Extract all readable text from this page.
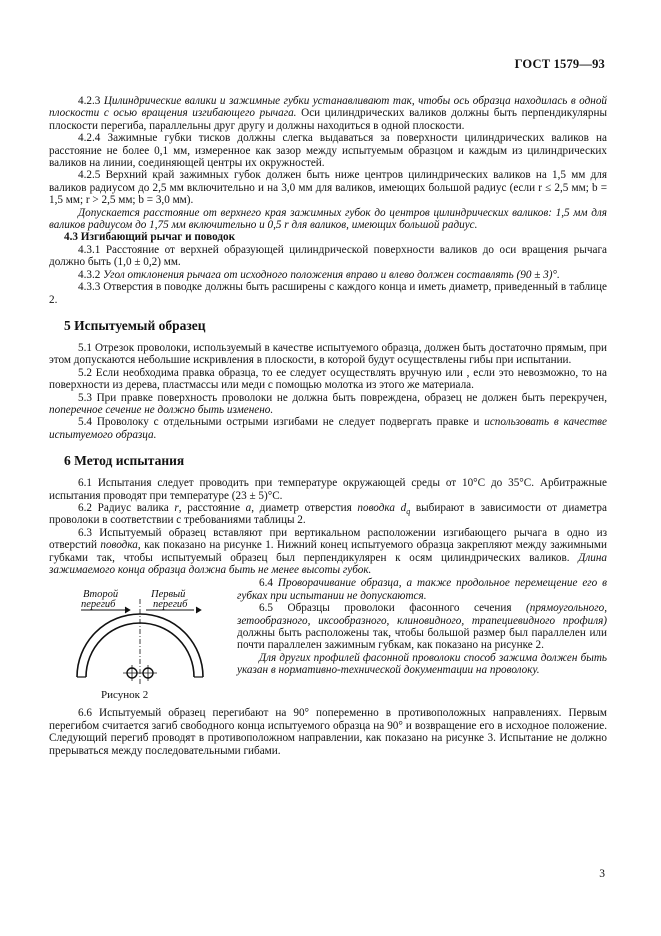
ГОСТ 1579—93

4.2.3 Цилиндрические валики и зажимные губки устанавливают так, чтобы ось образца находилась в одной плоскости с осью вращения изгибающего рычага. Оси цилиндрических валиков должны быть перпендикулярны плоскости перегиба, параллельны друг другу и должны находиться в одной плоскости.

4.2.4 Зажимные губки тисков должны слегка выдаваться за поверхности цилиндрических валиков на расстояние не более 0,1 мм, измеренное как зазор между испытуемым образцом и каждым из цилиндрических валиков на линии, соединяющей центры их окружностей.

4.2.5 Верхний край зажимных губок должен быть ниже центров цилиндрических валиков на 1,5 мм для валиков радиусом до 2,5 мм включительно и на 3,0 мм для валиков, имеющих большой радиус (если r ≤ 2,5 мм; b = 1,5 мм; r > 2,5 мм; b = 3,0 мм).

Допускается расстояние от верхнего края зажимных губок до центров цилиндрических валиков: 1,5 мм для валиков радиусом до 1,75 мм включительно и 0,5 r для валиков, имеющих большой радиус.

4.3 Изгибающий рычаг и поводок

4.3.1 Расстояние от верхней образующей цилиндрической поверхности валиков до оси вращения рычага должно быть (1,0 ± 0,2) мм.

4.3.2 Угол отклонения рычага от исходного положения вправо и влево должен составлять (90 ± 3)°.

4.3.3 Отверстия в поводке должны быть расширены с каждого конца и иметь диаметр, приведенный в таблице 2.

5 Испытуемый образец

5.1 Отрезок проволоки, используемый в качестве испытуемого образца, должен быть достаточно прямым, при этом допускаются небольшие искривления в плоскости, в которой будут осуществлены гибы при испытании.

5.2 Если необходима правка образца, то ее следует осуществлять вручную или , если это невозможно, то на поверхности из дерева, пластмассы или меди с помощью молотка из этого же материала.

5.3 При правке поверхность проволоки не должна быть повреждена, образец не должен быть перекручен, поперечное сечение не должно быть изменено.

5.4 Проволоку с отдельными острыми изгибами не следует подвергать правке и использовать в качестве испытуемого образца.

6 Метод испытания

6.1 Испытания следует проводить при температуре окружающей среды от 10°С до 35°С. Арбитражные испытания проводят при температуре (23 ± 5)°С.

6.2 Радиус валика r, расстояние a, диаметр отверстия поводка $d_q$ выбирают в зависимости от диаметра проволоки в соответствии с требованиями таблицы 2.

6.3 Испытуемый образец вставляют при вертикальном расположении изгибающего рычага в одно из отверстий поводка, как показано на рисунке 1. Нижний конец испытуемого образца закрепляют между зажимными губками так, чтобы испытуемый образец был перпендикулярен к осям цилиндрических валиков. Длина зажимаемого конца образца должна быть не менее высоты губок.

Второй
перегиб
Первый
перегиб
Рисунок 2

6.4 Проворачивание образца, а также продольное перемещение его в губках при испытании не допускаются.

6.5 Образцы проволоки фасонного сечения (прямоугольного, зетообразного, иксообразного, клиновидного, трапециевидного профиля) должны быть расположены так, чтобы большой размер был параллелен или почти параллелен зажимным губкам, как показано на рисунке 2.

Для других профилей фасонной проволоки способ зажима должен быть указан в нормативно-технической документации на проволоку.

6.6 Испытуемый образец перегибают на 90° попеременно в противоположных направлениях. Первым перегибом считается загиб свободного конца испытуемого образца на 90° и возвращение его в исходное положение. Следующий перегиб проводят в противоположном направлении, как показано на рисунке 3. Испытание не должно прерываться между последовательными гибами.

3
